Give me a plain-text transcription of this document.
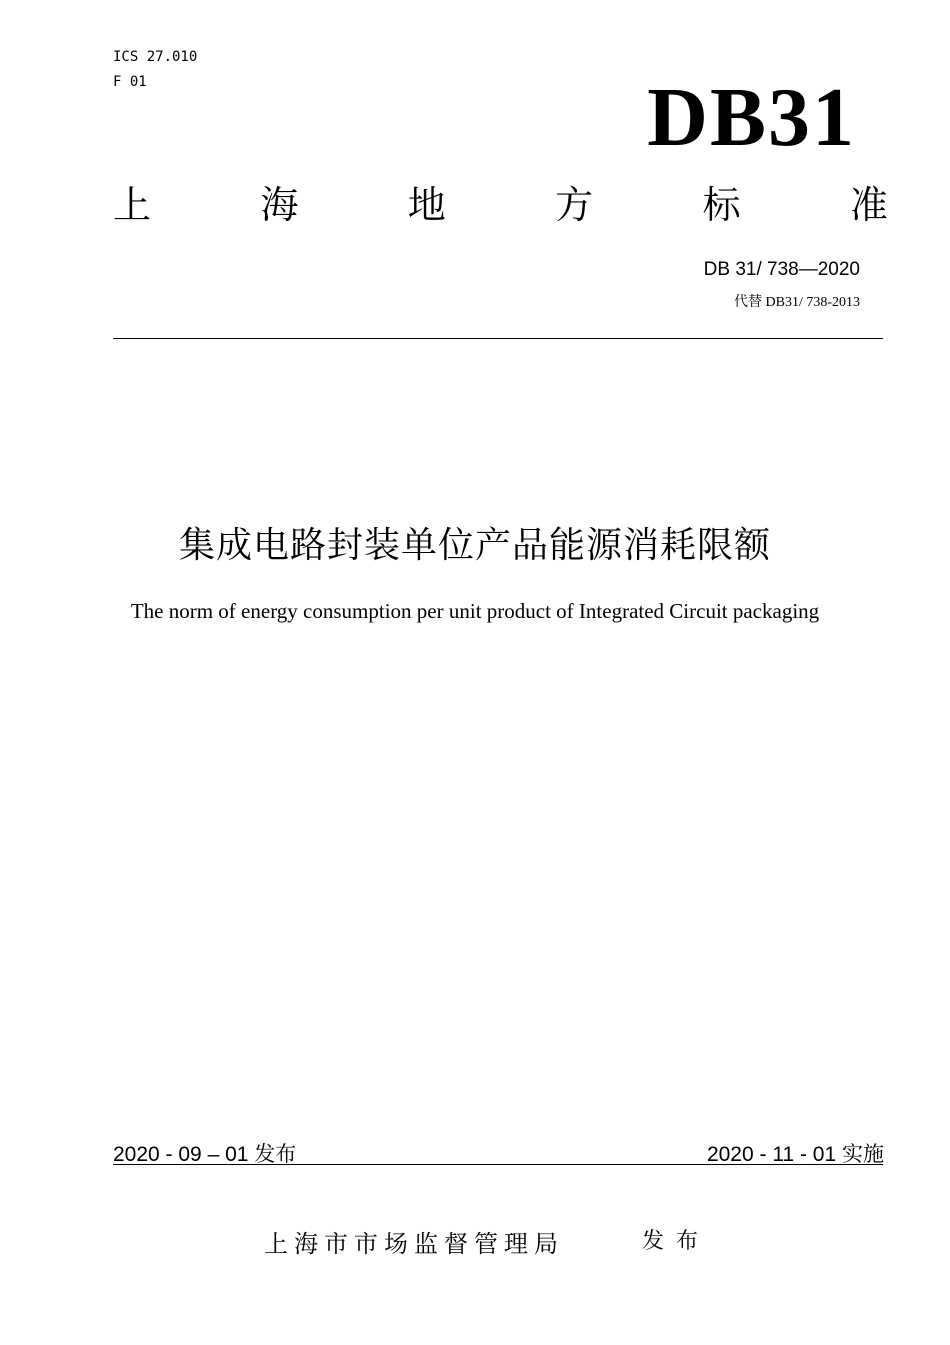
ICS 27.010
F 01	DB31
上	海	地	方	标	准
DB 31/ 738—2020
代替 DB31/ 738-2013
集成电路封装单位产品能源消耗限额
The norm of energy consumption per unit product of Integrated Circuit packaging
2020 - 09 – 01 发布	2020 - 11 - 01 实施
上海市市场监督管理局	发布
